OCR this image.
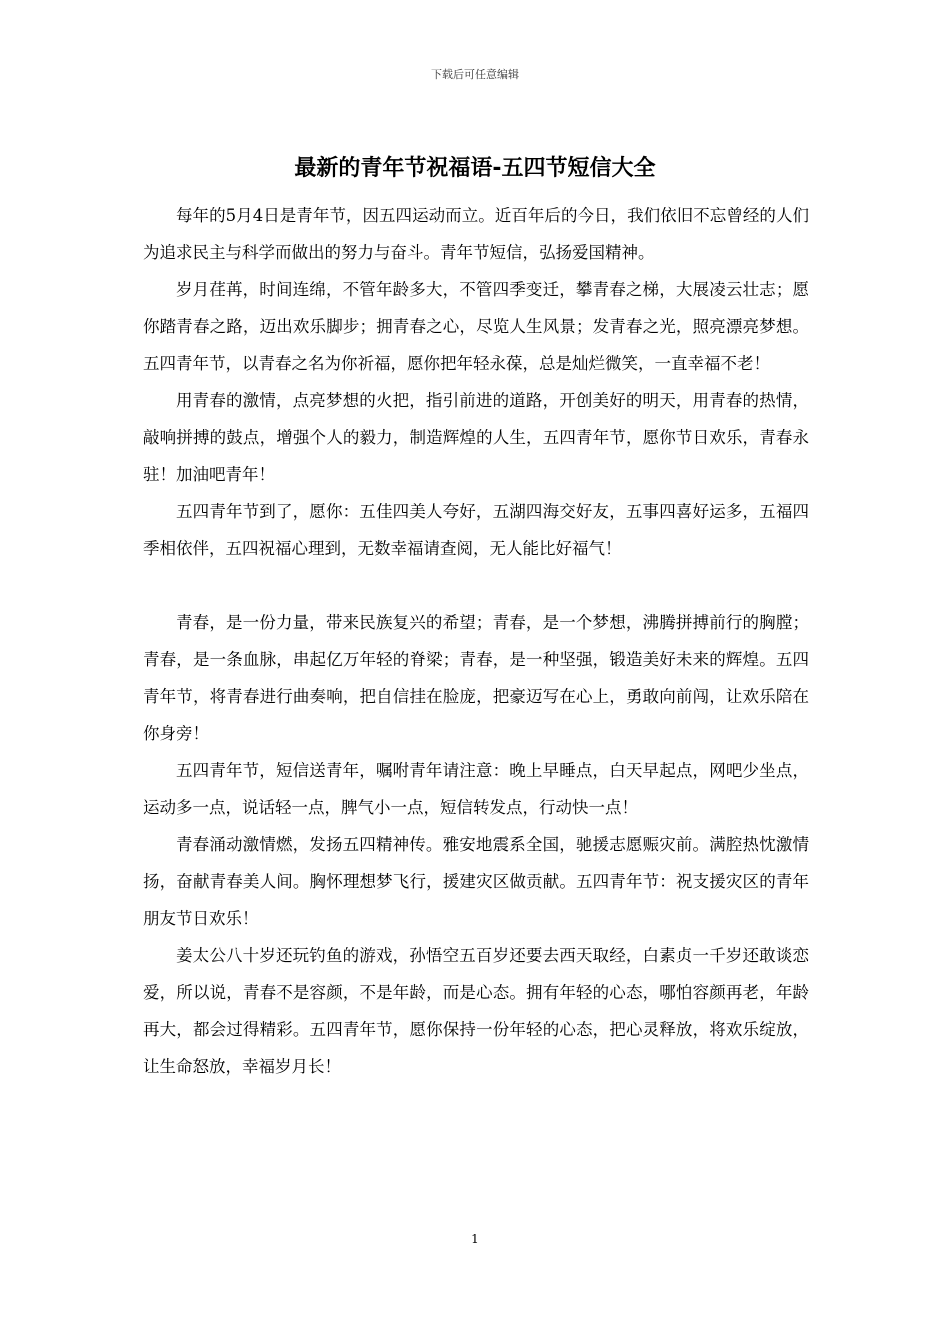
下载后可任意编辑
最新的青年节祝福语-五四节短信大全

每年的5月4日是青年节，因五四运动而立。近百年后的今日，我们依旧不忘曾经的人们为追求民主与科学而做出的努力与奋斗。青年节短信，弘扬爱国精神。

岁月荏苒，时间连绵，不管年龄多大，不管四季变迁，攀青春之梯，大展凌云壮志；愿你踏青春之路，迈出欢乐脚步；拥青春之心，尽览人生风景；发青春之光，照亮漂亮梦想。五四青年节，以青春之名为你祈福，愿你把年轻永葆，总是灿烂微笑，一直幸福不老！

用青春的激情，点亮梦想的火把，指引前进的道路，开创美好的明天，用青春的热情，敲响拼搏的鼓点，增强个人的毅力，制造辉煌的人生，五四青年节，愿你节日欢乐，青春永驻！加油吧青年！

五四青年节到了，愿你：五佳四美人夸好，五湖四海交好友，五事四喜好运多，五福四季相依伴，五四祝福心理到，无数幸福请查阅，无人能比好福气！

青春，是一份力量，带来民族复兴的希望；青春，是一个梦想，沸腾拼搏前行的胸膛；青春，是一条血脉，串起亿万年轻的脊梁；青春，是一种坚强，锻造美好未来的辉煌。五四青年节，将青春进行曲奏响，把自信挂在脸庞，把豪迈写在心上，勇敢向前闯，让欢乐陪在你身旁！

五四青年节，短信送青年，嘱咐青年请注意：晚上早睡点，白天早起点，网吧少坐点，运动多一点，说话轻一点，脾气小一点，短信转发点，行动快一点！

青春涌动激情燃，发扬五四精神传。雅安地震系全国，驰援志愿赈灾前。满腔热忱激情扬，奋献青春美人间。胸怀理想梦飞行，援建灾区做贡献。五四青年节：祝支援灾区的青年朋友节日欢乐！

姜太公八十岁还玩钓鱼的游戏，孙悟空五百岁还要去西天取经，白素贞一千岁还敢谈恋爱，所以说，青春不是容颜，不是年龄，而是心态。拥有年轻的心态，哪怕容颜再老，年龄再大，都会过得精彩。五四青年节，愿你保持一份年轻的心态，把心灵释放，将欢乐绽放，让生命怒放，幸福岁月长！

1
